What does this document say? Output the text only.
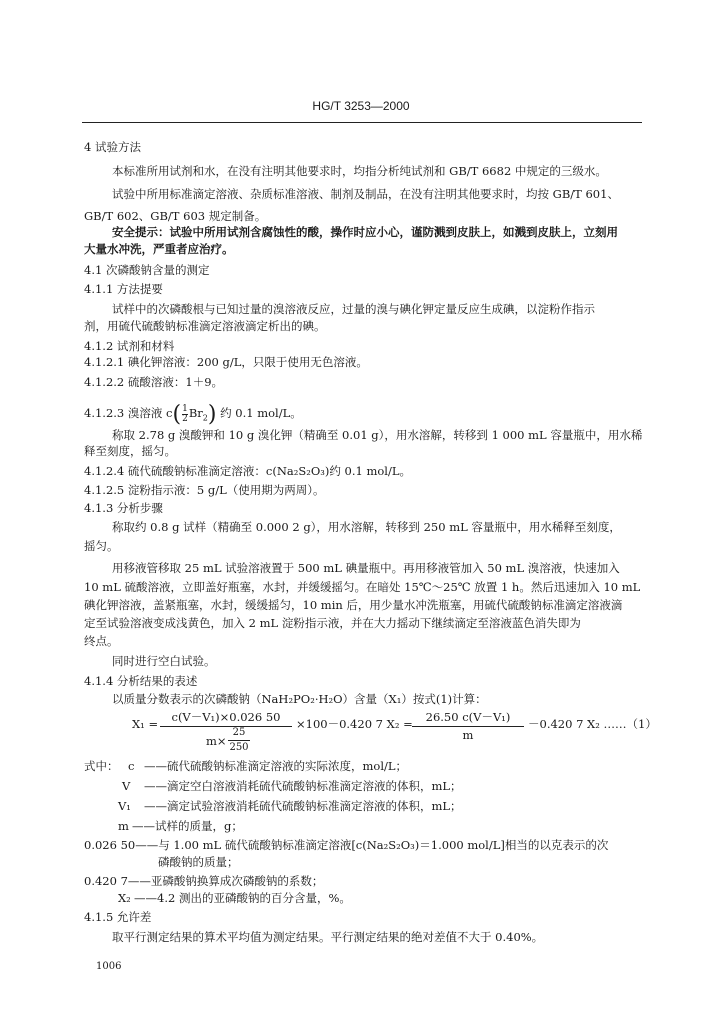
HG/T 3253—2000
4 试验方法
本标准所用试剂和水，在没有注明其他要求时，均指分析纯试剂和 GB/T 6682 中规定的三级水。
试验中所用标准滴定溶液、杂质标准溶液、制剂及制品，在没有注明其他要求时，均按 GB/T 601、
GB/T 602、GB/T 603 规定制备。
安全提示：试验中所用试剂含腐蚀性的酸，操作时应小心，谨防溅到皮肤上，如溅到皮肤上，立刻用
大量水冲洗，严重者应治疗。
4.1 次磷酸钠含量的测定
4.1.1 方法提要
试样中的次磷酸根与已知过量的溴溶液反应，过量的溴与碘化钾定量反应生成碘，以淀粉作指示
剂，用硫代硫酸钠标准滴定溶液滴定析出的碘。
4.1.2 试剂和材料
4.1.2.1 碘化钾溶液：200 g/L，只限于使用无色溶液。
4.1.2.2 硫酸溶液：1＋9。
4.1.2.3 溴溶液 $c( \frac{1}{2} Br_2)$ 约 0.1 mol/L。
称取 2.78 g 溴酸钾和 10 g 溴化钾（精确至 0.01 g），用水溶解，转移到 1 000 mL 容量瓶中，用水稀
释至刻度，摇匀。
4.1.2.4 硫代硫酸钠标准滴定溶液：c(Na₂S₂O₃)约 0.1 mol/L。
4.1.2.5 淀粉指示液：5 g/L（使用期为两周）。
4.1.3 分析步骤
称取约 0.8 g 试样（精确至 0.000 2 g），用水溶解，转移到 250 mL 容量瓶中，用水稀释至刻度，
摇匀。
用移液管移取 25 mL 试验溶液置于 500 mL 碘量瓶中。再用移液管加入 50 mL 溴溶液，快速加入
10 mL 硫酸溶液，立即盖好瓶塞，水封，并缓缓摇匀。在暗处 15℃～25℃ 放置 1 h。然后迅速加入 10 mL
碘化钾溶液，盖紧瓶塞，水封，缓缓摇匀，10 min 后，用少量水冲洗瓶塞，用硫代硫酸钠标准滴定溶液滴
定至试验溶液变成浅黄色，加入 2 mL 淀粉指示液，并在大力摇动下继续滴定至溶液蓝色消失即为
终点。
同时进行空白试验。
4.1.4 分析结果的表述
以质量分数表示的次磷酸钠（NaH₂PO₂·H₂O）含量（X₁）按式(1)计算：
X₁ =	c(V－V₁)×0.026 50
m×
25
250
×100－0.420 7 X₂ =	26.50 c(V－V₁)
m
－0.420 7 X₂ ……（1）
式中： c ——硫代硫酸钠标准滴定溶液的实际浓度，mol/L；
V ——滴定空白溶液消耗硫代硫酸钠标准滴定溶液的体积，mL；
V₁ ——滴定试验溶液消耗硫代硫酸钠标准滴定溶液的体积，mL；
m ——试样的质量，g；
0.026 50——与 1.00 mL 硫代硫酸钠标准滴定溶液[c(Na₂S₂O₃)＝1.000 mol/L]相当的以克表示的次
磷酸钠的质量；
0.420 7——亚磷酸钠换算成次磷酸钠的系数；
X₂ ——4.2 测出的亚磷酸钠的百分含量，%。
4.1.5 允许差
取平行测定结果的算术平均值为测定结果。平行测定结果的绝对差值不大于 0.40%。
1006
